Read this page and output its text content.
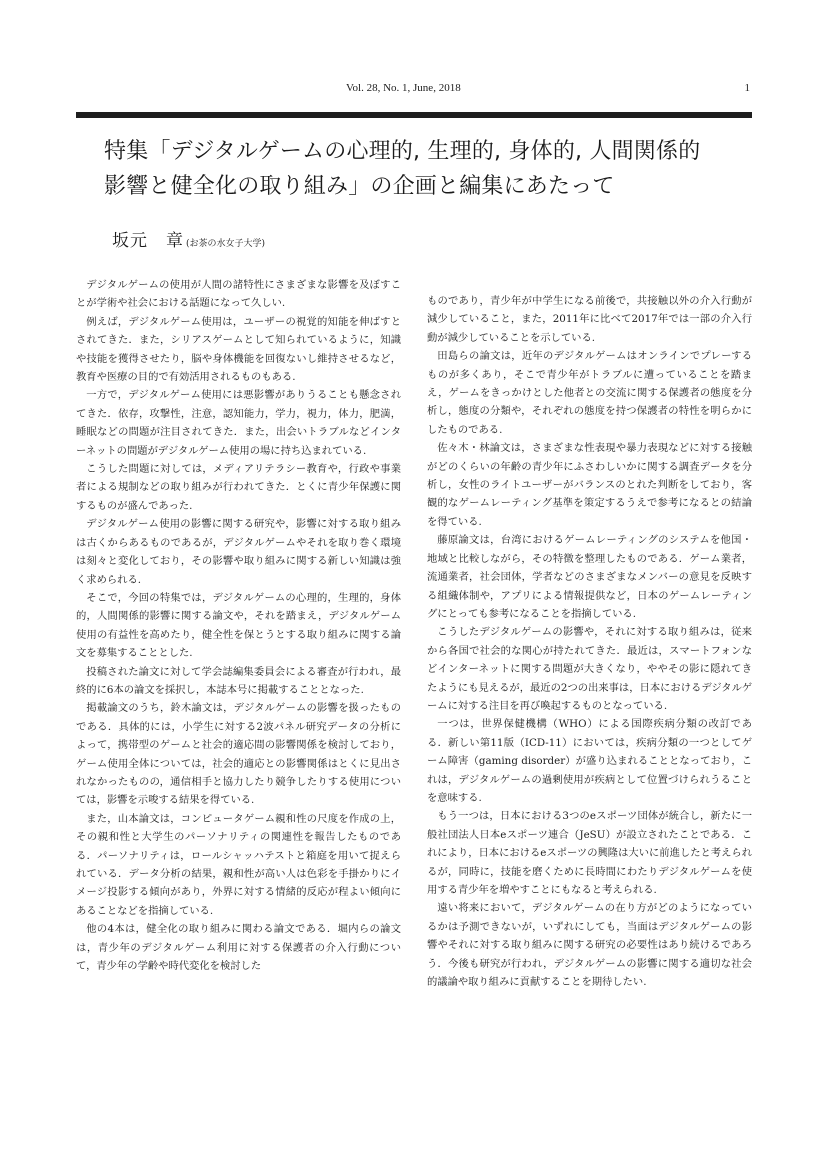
Vol. 28, No. 1, June, 2018	1
特集「デジタルゲームの心理的, 生理的, 身体的, 人間関係的
影響と健全化の取り組み」の企画と編集にあたって
坂元　章 (お茶の水女子大学)

デジタルゲームの使用が人間の諸特性にさまざまな影響を及ぼすことが学術や社会における話題になって久しい.

例えば，デジタルゲーム使用は，ユーザーの視覚的知能を伸ばすとされてきた．また，シリアスゲームとして知られているように，知識や技能を獲得させたり，脳や身体機能を回復ないし維持させるなど，教育や医療の目的で有効活用されるものもある.

一方で，デジタルゲーム使用には悪影響がありうることも懸念されてきた．依存，攻撃性，注意，認知能力，学力，視力，体力，肥満，睡眠などの問題が注目されてきた．また，出会いトラブルなどインターネットの問題がデジタルゲーム使用の場に持ち込まれている.

こうした問題に対しては，メディアリテラシー教育や，行政や事業者による規制などの取り組みが行われてきた．とくに青少年保護に関するものが盛んであった.

デジタルゲーム使用の影響に関する研究や，影響に対する取り組みは古くからあるものであるが，デジタルゲームやそれを取り巻く環境は刻々と変化しており，その影響や取り組みに関する新しい知識は強く求められる.

そこで，今回の特集では，デジタルゲームの心理的，生理的，身体的，人間関係的影響に関する論文や，それを踏まえ，デジタルゲーム使用の有益性を高めたり，健全性を保とうとする取り組みに関する論文を募集することとした.

投稿された論文に対して学会誌編集委員会による審査が行われ，最終的に6本の論文を採択し，本誌本号に掲載することとなった.

掲載論文のうち，鈴木論文は，デジタルゲームの影響を扱ったものである．具体的には，小学生に対する2波パネル研究データの分析によって，携帯型のゲームと社会的適応間の影響関係を検討しており，ゲーム使用全体については，社会的適応との影響関係はとくに見出されなかったものの，通信相手と協力したり競争したりする使用については，影響を示唆する結果を得ている.

また，山本論文は，コンピュータゲーム親和性の尺度を作成の上，その親和性と大学生のパーソナリティの関連性を報告したものである．パーソナリティは，ロールシャッハテストと箱庭を用いて捉えられている．データ分析の結果，親和性が高い人は色彩を手掛かりにイメージ投影する傾向があり，外界に対する情緒的反応が程よい傾向にあることなどを指摘している.

他の4本は，健全化の取り組みに関わる論文である．堀内らの論文は，青少年のデジタルゲーム利用に対する保護者の介入行動について，青少年の学齢や時代変化を検討した

ものであり，青少年が中学生になる前後で，共接触以外の介入行動が減少していること，また，2011年に比べて2017年では一部の介入行動が減少していることを示している.

田島らの論文は，近年のデジタルゲームはオンラインでプレーするものが多くあり，そこで青少年がトラブルに遭っていることを踏まえ，ゲームをきっかけとした他者との交流に関する保護者の態度を分析し，態度の分類や，それぞれの態度を持つ保護者の特性を明らかにしたものである.

佐々木・林論文は，さまざまな性表現や暴力表現などに対する接触がどのくらいの年齢の青少年にふさわしいかに関する調査データを分析し，女性のライトユーザーがバランスのとれた判断をしており，客観的なゲームレーティング基準を策定するうえで参考になるとの結論を得ている.

藤原論文は，台湾におけるゲームレーティングのシステムを他国・地域と比較しながら，その特徴を整理したものである．ゲーム業者，流通業者，社会団体，学者などのさまざまなメンバーの意見を反映する組織体制や，アプリによる情報提供など，日本のゲームレーティングにとっても参考になることを指摘している.

こうしたデジタルゲームの影響や，それに対する取り組みは，従来から各国で社会的な関心が持たれてきた．最近は，スマートフォンなどインターネットに関する問題が大きくなり，ややその影に隠れてきたようにも見えるが，最近の2つの出来事は，日本におけるデジタルゲームに対する注目を再び喚起するものとなっている.

一つは，世界保健機構（WHO）による国際疾病分類の改訂である．新しい第11版（ICD-11）においては，疾病分類の一つとしてゲーム障害（gaming disorder）が盛り込まれることとなっており，これは，デジタルゲームの過剰使用が疾病として位置づけられうることを意味する.

もう一つは，日本における3つのeスポーツ団体が統合し，新たに一般社団法人日本eスポーツ連合（JeSU）が設立されたことである．これにより，日本におけるeスポーツの興隆は大いに前進したと考えられるが，同時に，技能を磨くために長時間にわたりデジタルゲームを使用する青少年を増やすことにもなると考えられる.

遠い将来において，デジタルゲームの在り方がどのようになっているかは予測できないが，いずれにしても，当面はデジタルゲームの影響やそれに対する取り組みに関する研究の必要性はあり続けるであろう．今後も研究が行われ，デジタルゲームの影響に関する適切な社会的議論や取り組みに貢献することを期待したい.
